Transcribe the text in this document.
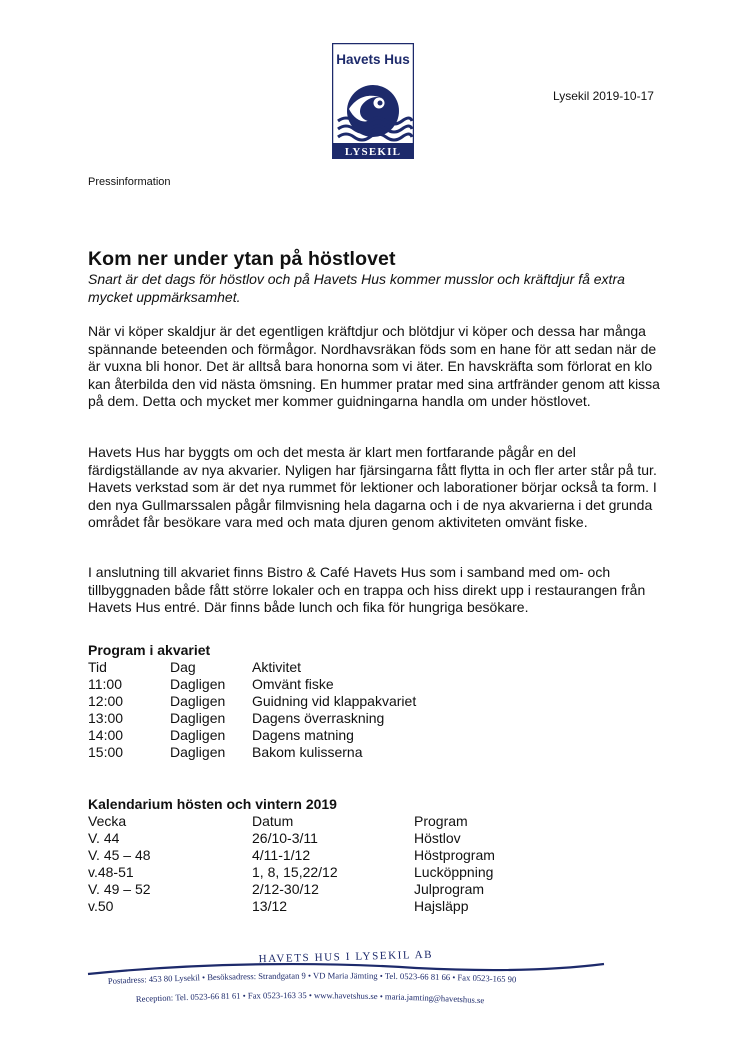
Havets Hus
LYSEKIL
Lysekil 2019-10-17
Pressinformation
Kom ner under ytan på höstlovet

Snart är det dags för höstlov och på Havets Hus kommer musslor och kräftdjur få extra mycket uppmärksamhet.

När vi köper skaldjur är det egentligen kräftdjur och blötdjur vi köper och dessa har många spännande beteenden och förmågor. Nordhavsräkan föds som en hane för att sedan när de är vuxna bli honor. Det är alltså bara honorna som vi äter. En havskräfta som förlorat en klo kan återbilda den vid nästa ömsning. En hummer pratar med sina artfränder genom att kissa på dem. Detta och mycket mer kommer guidningarna handla om under höstlovet.

Havets Hus har byggts om och det mesta är klart men fortfarande pågår en del färdigställande av nya akvarier. Nyligen har fjärsingarna fått flytta in och fler arter står på tur. Havets verkstad som är det nya rummet för lektioner och laborationer börjar också ta form. I den nya Gullmarssalen pågår filmvisning hela dagarna och i de nya akvarierna i det grunda området får besökare vara med och mata djuren genom aktiviteten omvänt fiske.

I anslutning till akvariet finns Bistro & Café Havets Hus som i samband med om- och tillbyggnaden både fått större lokaler och en trappa och hiss direkt upp i restaurangen från Havets Hus entré. Där finns både lunch och fika för hungriga besökare.

Program i akvariet
Tid	Dag	Aktivitet
11:00	Dagligen	Omvänt fiske
12:00	Dagligen	Guidning vid klappakvariet
13:00	Dagligen	Dagens överraskning
14:00	Dagligen	Dagens matning
15:00	Dagligen	Bakom kulisserna
Kalendarium hösten och vintern 2019
Vecka	Datum	Program
V. 44	26/10-3/11	Höstlov
V. 45 – 48	4/11-1/12	Höstprogram
v.48-51	1, 8, 15,22/12	Lucköppning
V. 49 – 52	2/12-30/12	Julprogram
v.50	13/12	Hajsläpp
HAVETS HUS I LYSEKIL AB
Postadress: 453 80 Lysekil • Besöksadress: Strandgatan 9 • VD Maria Jämting • Tel. 0523-66 81 66 • Fax 0523-165 90
Reception: Tel. 0523-66 81 61 • Fax 0523-163 35 • www.havetshus.se • maria.jamting@havetshus.se
